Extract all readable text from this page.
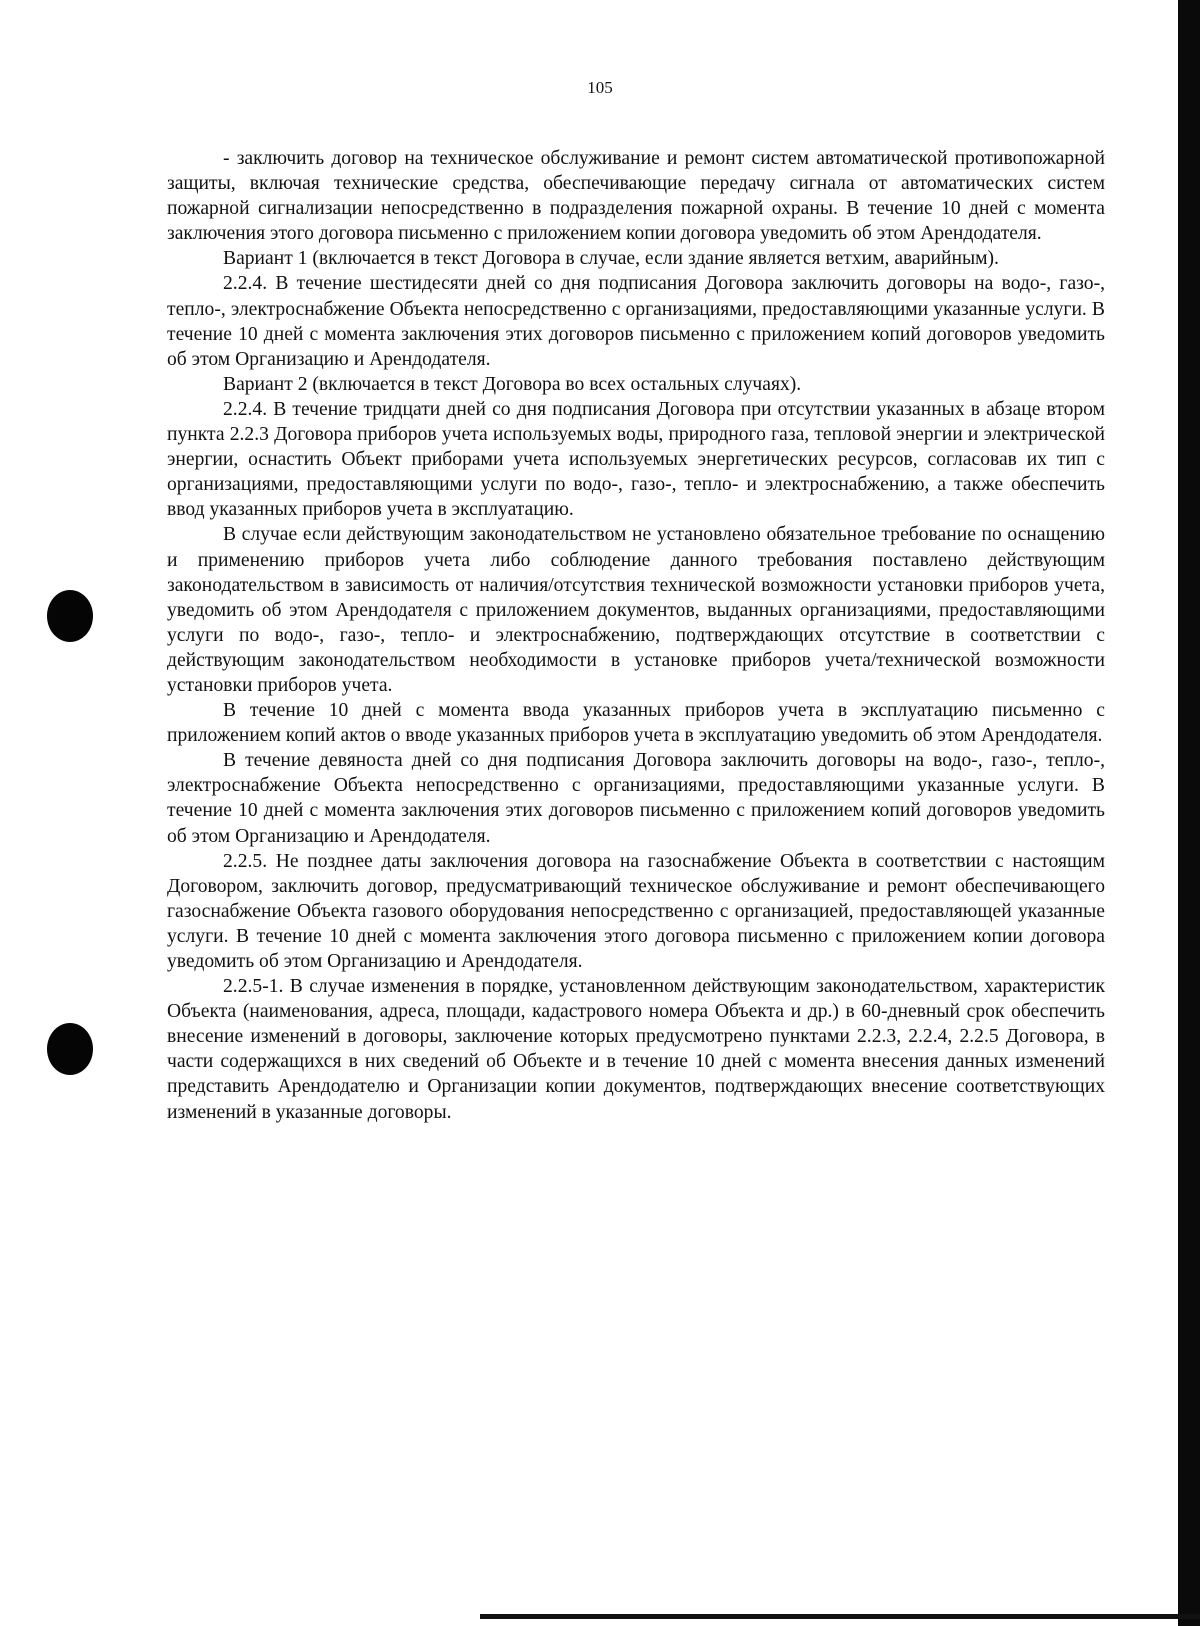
105

- заключить договор на техническое обслуживание и ремонт систем автоматической противопожарной защиты, включая технические средства, обеспечивающие передачу сигнала от автоматических систем пожарной сигнализации непосредственно в подразделения пожарной охраны. В течение 10 дней с момента заключения этого договора письменно с приложением копии договора уведомить об этом Арендодателя.

Вариант 1 (включается в текст Договора в случае, если здание является ветхим, аварийным).

2.2.4. В течение шестидесяти дней со дня подписания Договора заключить договоры на водо-, газо-, тепло-, электроснабжение Объекта непосредственно с организациями, предоставляющими указанные услуги. В течение 10 дней с момента заключения этих договоров письменно с приложением копий договоров уведомить об этом Организацию и Арендодателя.

Вариант 2 (включается в текст Договора во всех остальных случаях).

2.2.4. В течение тридцати дней со дня подписания Договора при отсутствии указанных в абзаце втором пункта 2.2.3 Договора приборов учета используемых воды, природного газа, тепловой энергии и электрической энергии, оснастить Объект приборами учета используемых энергетических ресурсов, согласовав их тип с организациями, предоставляющими услуги по водо-, газо-, тепло- и электроснабжению, а также обеспечить ввод указанных приборов учета в эксплуатацию.

В случае если действующим законодательством не установлено обязательное требование по оснащению и применению приборов учета либо соблюдение данного требования поставлено действующим законодательством в зависимость от наличия/отсутствия технической возможности установки приборов учета, уведомить об этом Арендодателя с приложением документов, выданных организациями, предоставляющими услуги по водо-, газо-, тепло- и электроснабжению, подтверждающих отсутствие в соответствии с действующим законодательством необходимости в установке приборов учета/технической возможности установки приборов учета.

В течение 10 дней с момента ввода указанных приборов учета в эксплуатацию письменно с приложением копий актов о вводе указанных приборов учета в эксплуатацию уведомить об этом Арендодателя.

В течение девяноста дней со дня подписания Договора заключить договоры на водо-, газо-, тепло-, электроснабжение Объекта непосредственно с организациями, предоставляющими указанные услуги. В течение 10 дней с момента заключения этих договоров письменно с приложением копий договоров уведомить об этом Организацию и Арендодателя.

2.2.5. Не позднее даты заключения договора на газоснабжение Объекта в соответствии с настоящим Договором, заключить договор, предусматривающий техническое обслуживание и ремонт обеспечивающего газоснабжение Объекта газового оборудования непосредственно с организацией, предоставляющей указанные услуги. В течение 10 дней с момента заключения этого договора письменно с приложением копии договора уведомить об этом Организацию и Арендодателя.

2.2.5-1. В случае изменения в порядке, установленном действующим законодательством, характеристик Объекта (наименования, адреса, площади, кадастрового номера Объекта и др.) в 60-дневный срок обеспечить внесение изменений в договоры, заключение которых предусмотрено пунктами 2.2.3, 2.2.4, 2.2.5 Договора, в части содержащихся в них сведений об Объекте и в течение 10 дней с момента внесения данных изменений представить Арендодателю и Организации копии документов, подтверждающих внесение соответствующих изменений в указанные договоры.
